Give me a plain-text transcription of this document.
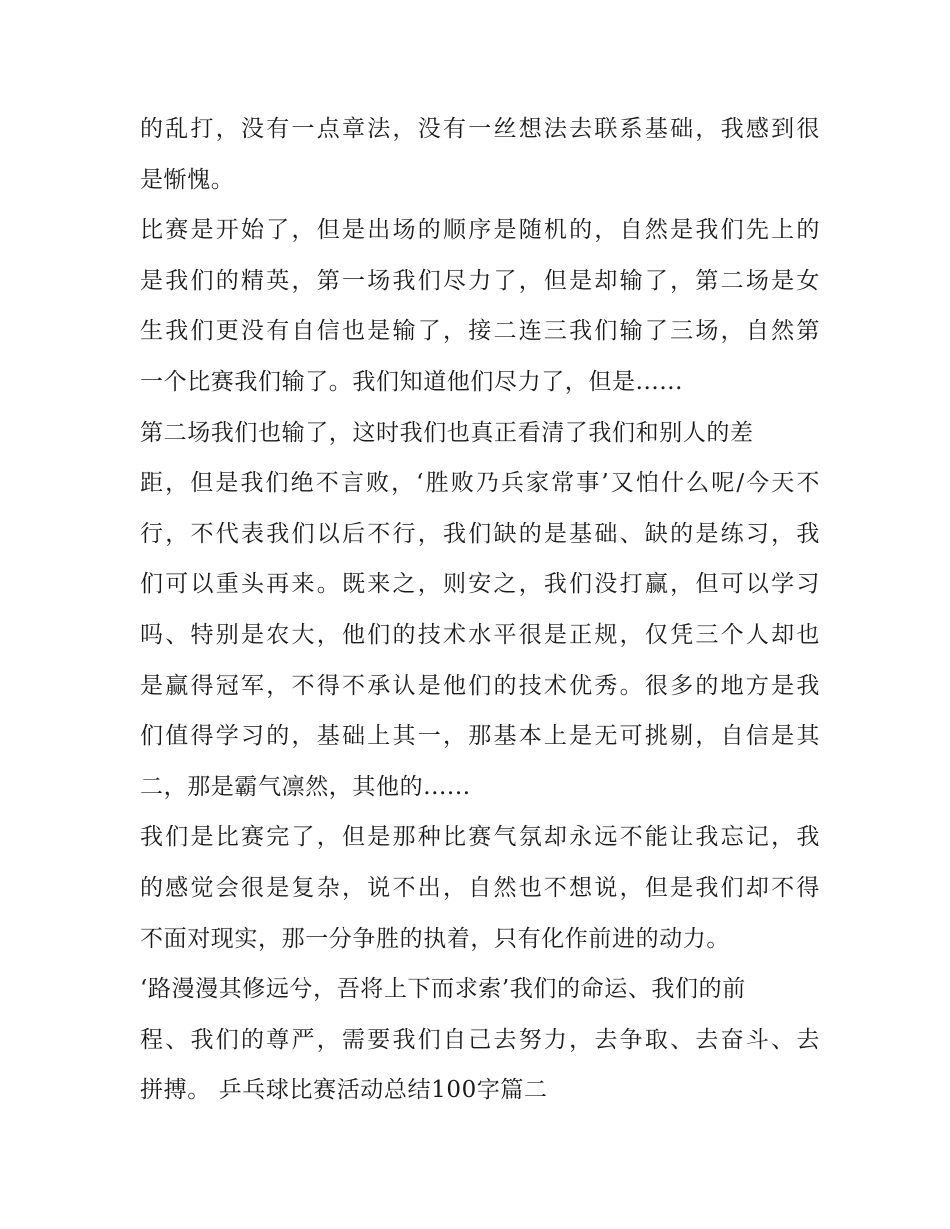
的乱打，没有一点章法，没有一丝想法去联系基础，我感到很
是惭愧。
比赛是开始了，但是出场的顺序是随机的，自然是我们先上的
是我们的精英，第一场我们尽力了，但是却输了，第二场是女
生我们更没有自信也是输了，接二连三我们输了三场，自然第
一个比赛我们输了。我们知道他们尽力了，但是......
第二场我们也输了，这时我们也真正看清了我们和别人的差
距，但是我们绝不言败，‘胜败乃兵家常事’又怕什么呢/今天不
行，不代表我们以后不行，我们缺的是基础、缺的是练习，我
们可以重头再来。既来之，则安之，我们没打赢，但可以学习
吗、特别是农大，他们的技术水平很是正规，仅凭三个人却也
是赢得冠军，不得不承认是他们的技术优秀。很多的地方是我
们值得学习的，基础上其一，那基本上是无可挑剔，自信是其
二，那是霸气凛然，其他的......
我们是比赛完了，但是那种比赛气氛却永远不能让我忘记，我
的感觉会很是复杂，说不出，自然也不想说，但是我们却不得
不面对现实，那一分争胜的执着，只有化作前进的动力。
‘路漫漫其修远兮，吾将上下而求索’我们的命运、我们的前
程、我们的尊严，需要我们自己去努力，去争取、去奋斗、去
拼搏。 乒乓球比赛活动总结100字篇二
